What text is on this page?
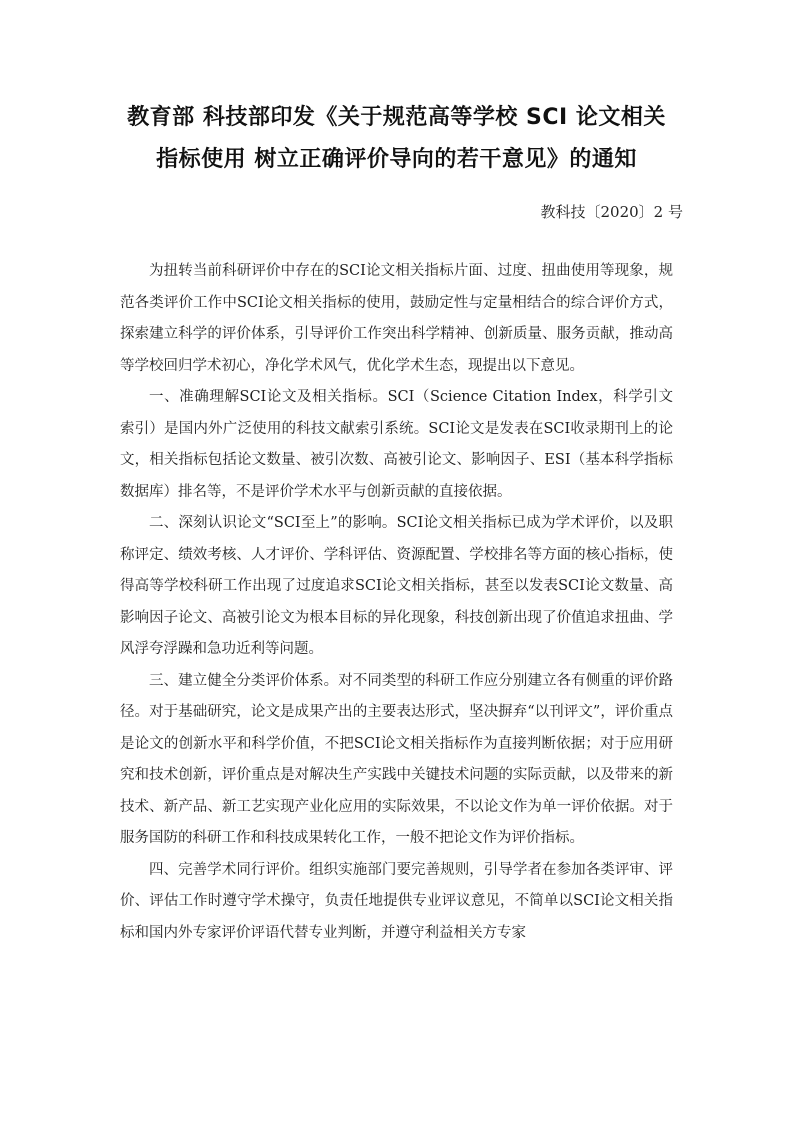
教育部 科技部印发《关于规范高等学校 SCI 论文相关
指标使用 树立正确评价导向的若干意见》的通知
教科技〔2020〕2 号

为扭转当前科研评价中存在的SCI论文相关指标片面、过度、扭曲使用等现象，规范各类评价工作中SCI论文相关指标的使用，鼓励定性与定量相结合的综合评价方式，探索建立科学的评价体系，引导评价工作突出科学精神、创新质量、服务贡献，推动高等学校回归学术初心，净化学术风气，优化学术生态，现提出以下意见。

一、准确理解SCI论文及相关指标。SCI（Science Citation Index，科学引文索引）是国内外广泛使用的科技文献索引系统。SCI论文是发表在SCI收录期刊上的论文，相关指标包括论文数量、被引次数、高被引论文、影响因子、ESI（基本科学指标数据库）排名等，不是评价学术水平与创新贡献的直接依据。

二、深刻认识论文“SCI至上”的影响。SCI论文相关指标已成为学术评价，以及职称评定、绩效考核、人才评价、学科评估、资源配置、学校排名等方面的核心指标，使得高等学校科研工作出现了过度追求SCI论文相关指标，甚至以发表SCI论文数量、高影响因子论文、高被引论文为根本目标的异化现象，科技创新出现了价值追求扭曲、学风浮夸浮躁和急功近利等问题。

三、建立健全分类评价体系。对不同类型的科研工作应分别建立各有侧重的评价路径。对于基础研究，论文是成果产出的主要表达形式，坚决摒弃“以刊评文”，评价重点是论文的创新水平和科学价值，不把SCI论文相关指标作为直接判断依据；对于应用研究和技术创新，评价重点是对解决生产实践中关键技术问题的实际贡献，以及带来的新技术、新产品、新工艺实现产业化应用的实际效果，不以论文作为单一评价依据。对于服务国防的科研工作和科技成果转化工作，一般不把论文作为评价指标。

四、完善学术同行评价。组织实施部门要完善规则，引导学者在参加各类评审、评价、评估工作时遵守学术操守，负责任地提供专业评议意见，不简单以SCI论文相关指标和国内外专家评价评语代替专业判断，并遵守利益相关方专家
